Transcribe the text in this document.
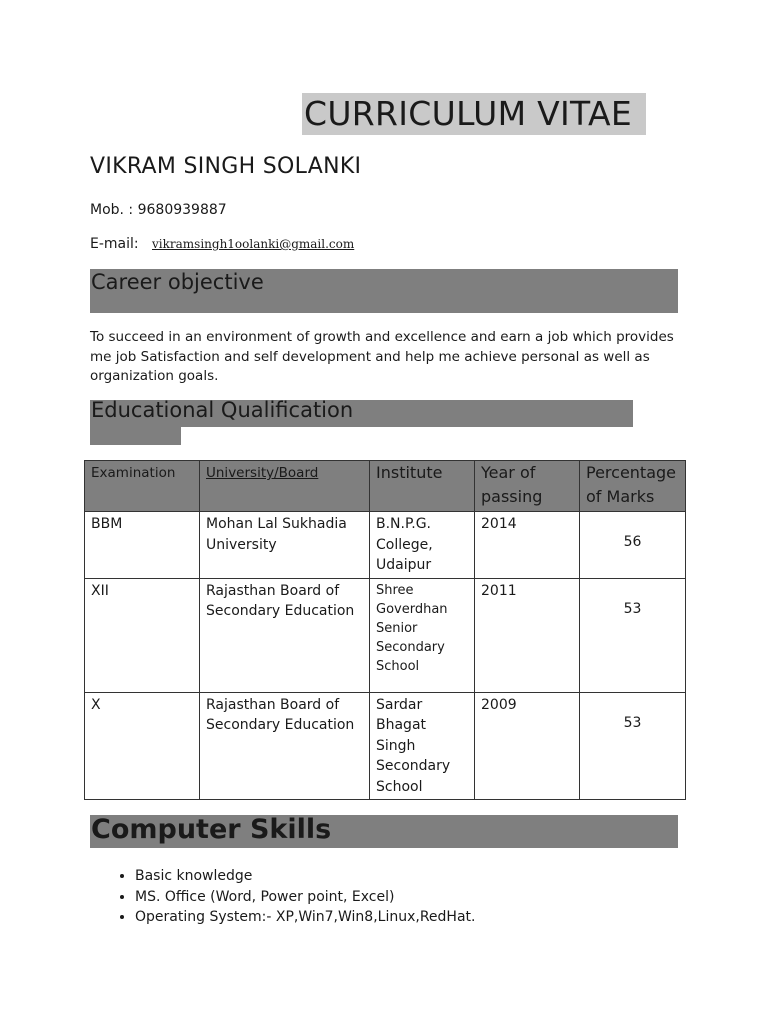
CURRICULUM VITAE
VIKRAM SINGH SOLANKI
Mob. : 9680939887
E-mail: vikramsingh1oolanki@gmail.com
Career objective
To succeed in an environment of growth and excellence and earn a job which provides me job Satisfaction and self development and help me achieve personal as well as organization goals.
Educational Qualification
Examination	University/Board	Institute	Year of passing	Percentage of Marks
BBM	Mohan Lal Sukhadia University	B.N.P.G. College, Udaipur	2014	56
XII	Rajasthan Board of Secondary Education	Shree Goverdhan Senior Secondary School	2011	53
X	Rajasthan Board of Secondary Education	Sardar Bhagat Singh Secondary School	2009	53
Computer Skills
• Basic knowledge
• MS. Office (Word, Power point, Excel)
• Operating System:- XP,Win7,Win8,Linux,RedHat.
